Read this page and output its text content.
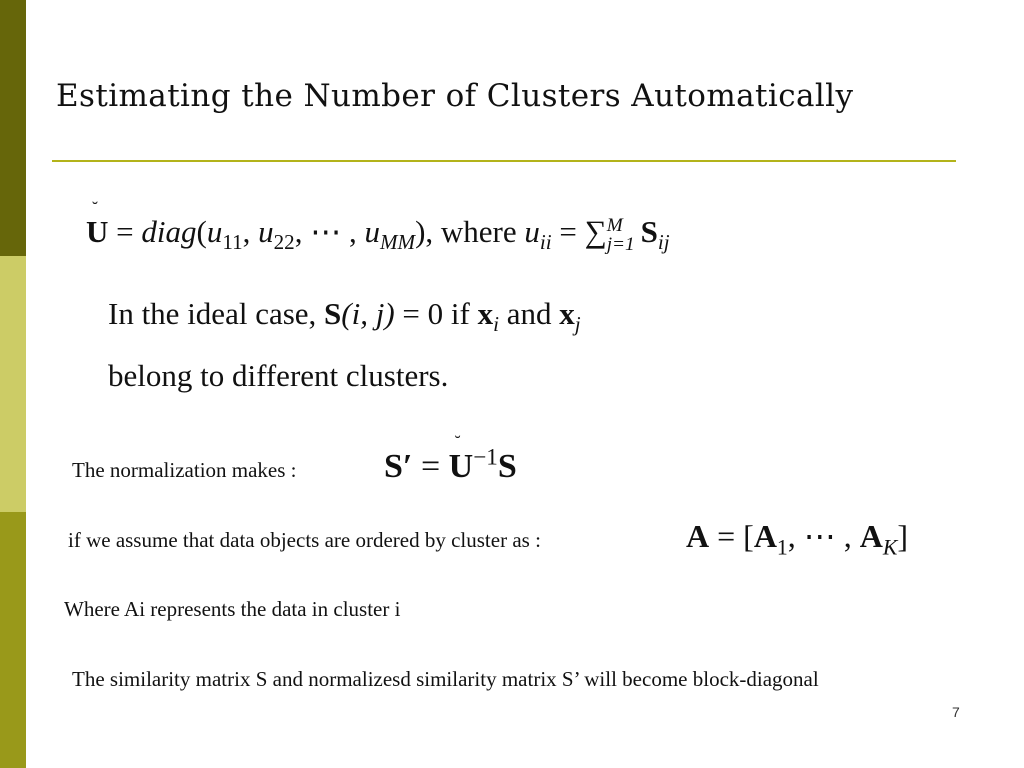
Estimating the Number of Clusters Automatically
˘ $U = diag(u_{11}$, $u_{22}$, ⋯ , $u_{MM}$), where $u_{ii}$ = ∑ M
j=1 $S_{ij}$
In the ideal case, S(i, j) = 0 if $x_i$ and $x_j$
belong to different clusters.
The normalization makes :	S′ = ˘ $U^{-1}S$
if we assume that data objects are ordered by cluster as :	$A = [A_1$, ⋯ , $A_K$]
Where Ai represents the data in cluster i
The similarity matrix S and normalizesd similarity matrix S’ will become block-diagonal
7
